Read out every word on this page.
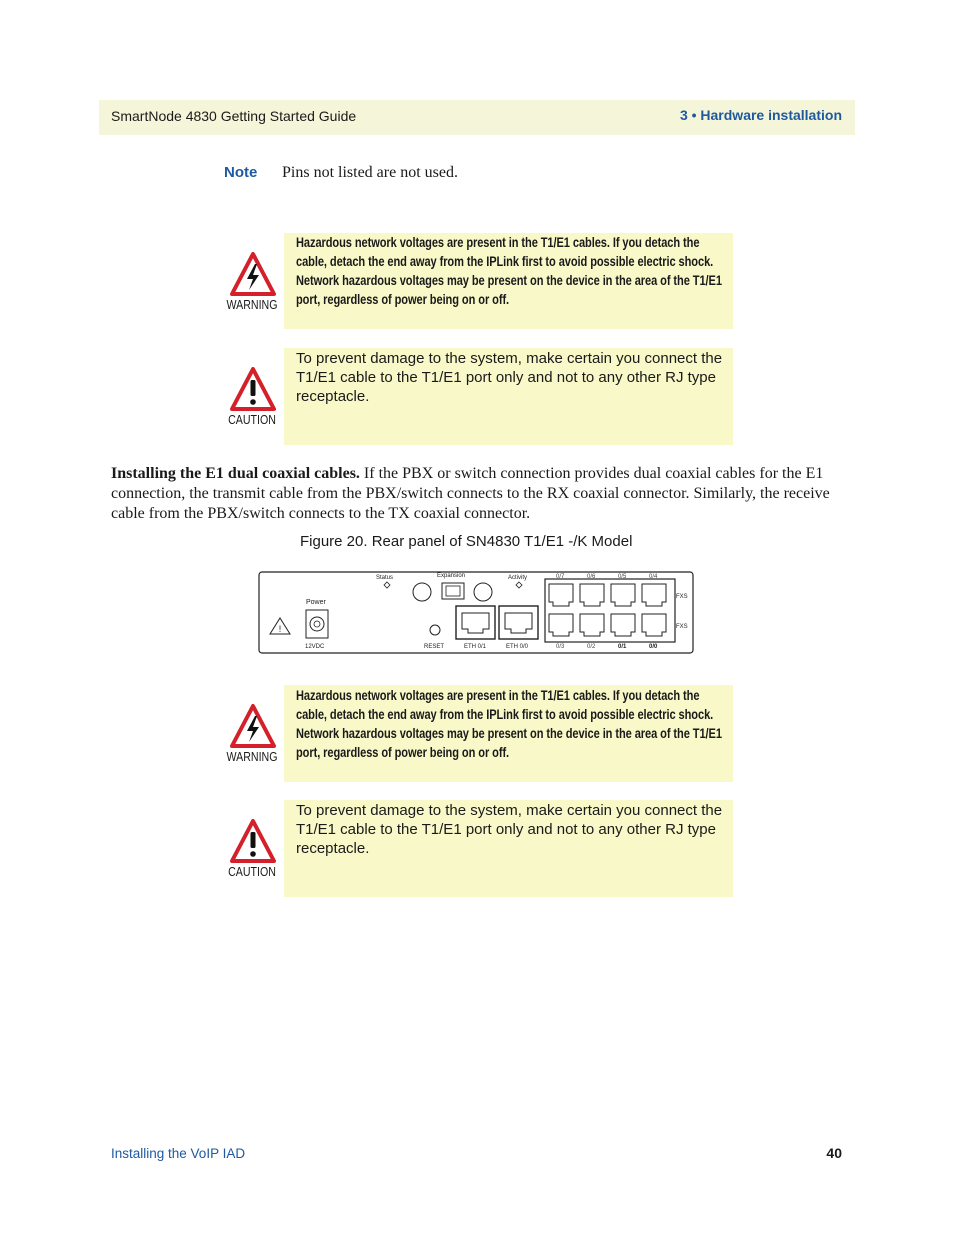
SmartNode 4830 Getting Started Guide	3 • Hardware installation
Note Pins not listed are not used.
WARNING
Hazardous network voltages are present in the T1/E1 cables. If you detach the cable, detach the end away from the IPLink first to avoid possible electric shock. Network hazardous voltages may be present on the device in the area of the T1/E1 port, regardless of power being on or off.
CAUTION
To prevent damage to the system, make certain you connect the T1/E1 cable to the T1/E1 port only and not to any other RJ type receptacle.
Installing the E1 dual coaxial cables. If the PBX or switch connection provides dual coaxial cables for the E1 connection, the transmit cable from the PBX/switch connects to the RX coaxial connector. Similarly, the receive cable from the PBX/switch connects to the TX coaxial connector.
Figure 20. Rear panel of SN4830 T1/E1 -/K Model
!
Power
12VDC
Status	Expansion	Activity
RESET	ETH 0/1	ETH 0/0
0/7	0/6	0/5	0/4
0/3	0/2	0/1	0/0
FXS
FXS
WARNING
Hazardous network voltages are present in the T1/E1 cables. If you detach the cable, detach the end away from the IPLink first to avoid possible electric shock. Network hazardous voltages may be present on the device in the area of the T1/E1 port, regardless of power being on or off.
CAUTION
To prevent damage to the system, make certain you connect the T1/E1 cable to the T1/E1 port only and not to any other RJ type receptacle.
Installing the VoIP IAD	40
